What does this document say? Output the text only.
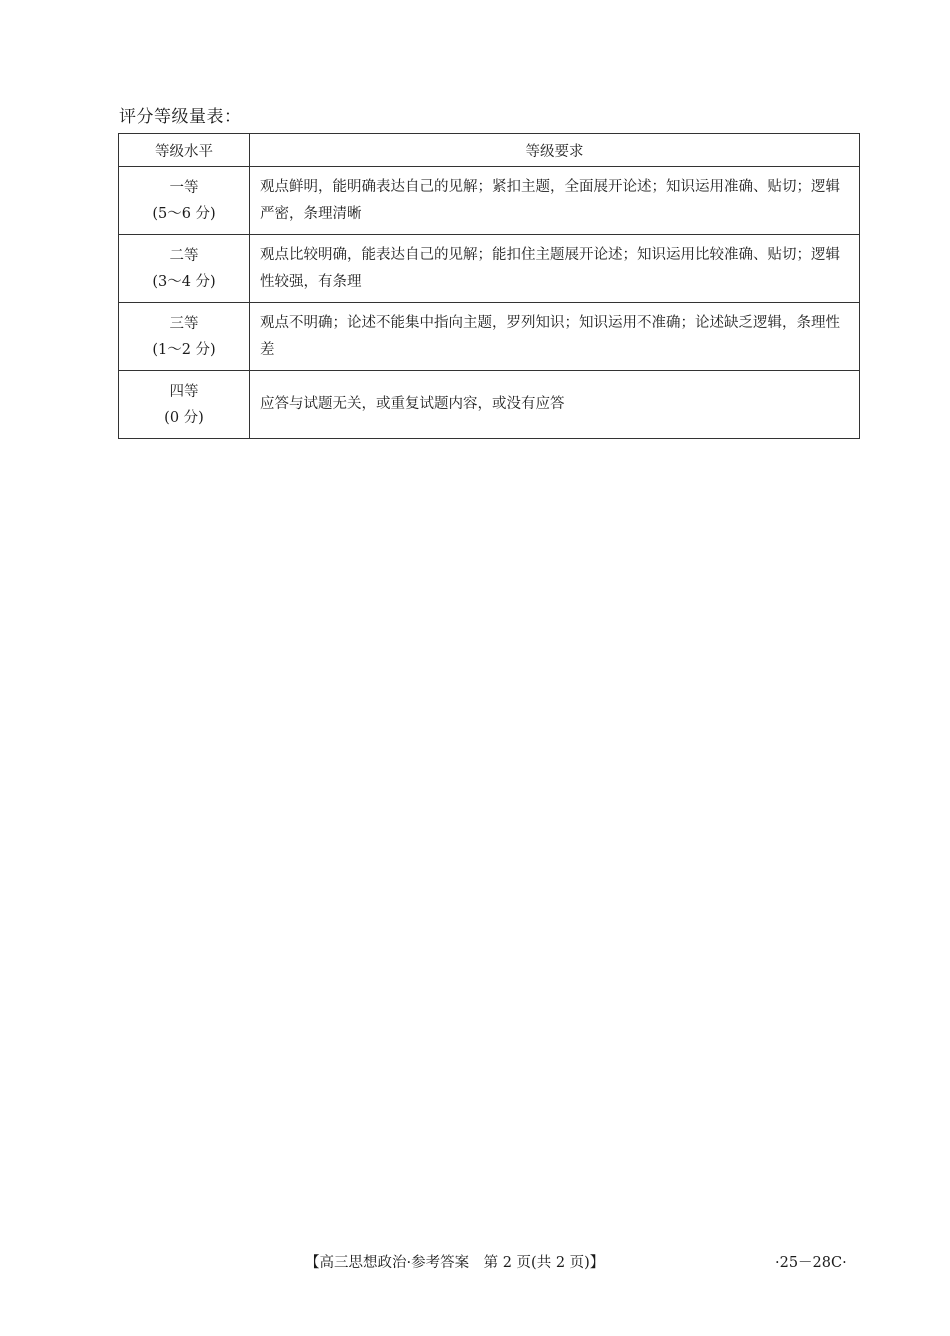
评分等级量表：
等级水平	等级要求

一等
(5～6 分)	观点鲜明，能明确表达自己的见解；紧扣主题，全面展开论述；知识运用准确、贴切；逻辑严密，条理清晰

二等
(3～4 分)	观点比较明确，能表达自己的见解；能扣住主题展开论述；知识运用比较准确、贴切；逻辑性较强，有条理

三等
(1～2 分)	观点不明确；论述不能集中指向主题，罗列知识；知识运用不准确；论述缺乏逻辑，条理性差

四等
(0 分)	应答与试题无关，或重复试题内容，或没有应答
【高三思想政治·参考答案　第 2 页(共 2 页)】	·25－28C·
